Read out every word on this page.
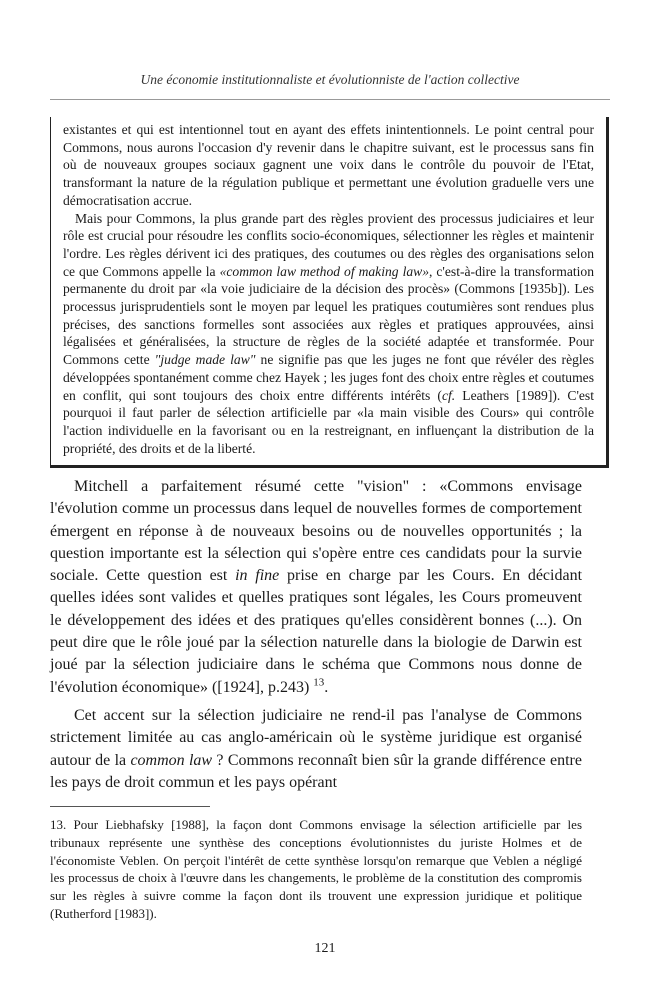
Une économie institutionnaliste et évolutionniste de l'action collective

existantes et qui est intentionnel tout en ayant des effets inintentionnels. Le point central pour Commons, nous aurons l'occasion d'y revenir dans le chapitre suivant, est le processus sans fin où de nouveaux groupes sociaux gagnent une voix dans le contrôle du pouvoir de l'Etat, transformant la nature de la régulation publique et permettant une évolution graduelle vers une démocratisation accrue.

Mais pour Commons, la plus grande part des règles provient des processus judiciaires et leur rôle est crucial pour résoudre les conflits socio-économiques, sélectionner les règles et maintenir l'ordre. Les règles dérivent ici des pratiques, des coutumes ou des règles des organisations selon ce que Commons appelle la «common law method of making law», c'est-à-dire la transformation permanente du droit par «la voie judiciaire de la décision des procès» (Commons [1935b]). Les processus jurisprudentiels sont le moyen par lequel les pratiques coutumières sont rendues plus précises, des sanctions formelles sont associées aux règles et pratiques approuvées, ainsi légalisées et généralisées, la structure de règles de la société adaptée et transformée. Pour Commons cette "judge made law" ne signifie pas que les juges ne font que révéler des règles développées spontanément comme chez Hayek ; les juges font des choix entre règles et coutumes en conflit, qui sont toujours des choix entre différents intérêts (cf. Leathers [1989]). C'est pourquoi il faut parler de sélection artificielle par «la main visible des Cours» qui contrôle l'action individuelle en la favorisant ou en la restreignant, en influençant la distribution de la propriété, des droits et de la liberté.

Mitchell a parfaitement résumé cette "vision" : «Commons envisage l'évolution comme un processus dans lequel de nouvelles formes de comportement émergent en réponse à de nouveaux besoins ou de nouvelles opportunités ; la question importante est la sélection qui s'opère entre ces candidats pour la survie sociale. Cette question est in fine prise en charge par les Cours. En décidant quelles idées sont valides et quelles pratiques sont légales, les Cours promeuvent le développement des idées et des pratiques qu'elles considèrent bonnes (...). On peut dire que le rôle joué par la sélection naturelle dans la biologie de Darwin est joué par la sélection judiciaire dans le schéma que Commons nous donne de l'évolution économique» ([1924], p.243) $^{13}$.

Cet accent sur la sélection judiciaire ne rend-il pas l'analyse de Commons strictement limitée au cas anglo-américain où le système juridique est organisé autour de la common law ? Commons reconnaît bien sûr la grande différence entre les pays de droit commun et les pays opérant

13. Pour Liebhafsky [1988], la façon dont Commons envisage la sélection artificielle par les tribunaux représente une synthèse des conceptions évolutionnistes du juriste Holmes et de l'économiste Veblen. On perçoit l'intérêt de cette synthèse lorsqu'on remarque que Veblen a négligé les processus de choix à l'œuvre dans les changements, le problème de la constitution des compromis sur les règles à suivre comme la façon dont ils trouvent une expression juridique et politique (Rutherford [1983]).

121
